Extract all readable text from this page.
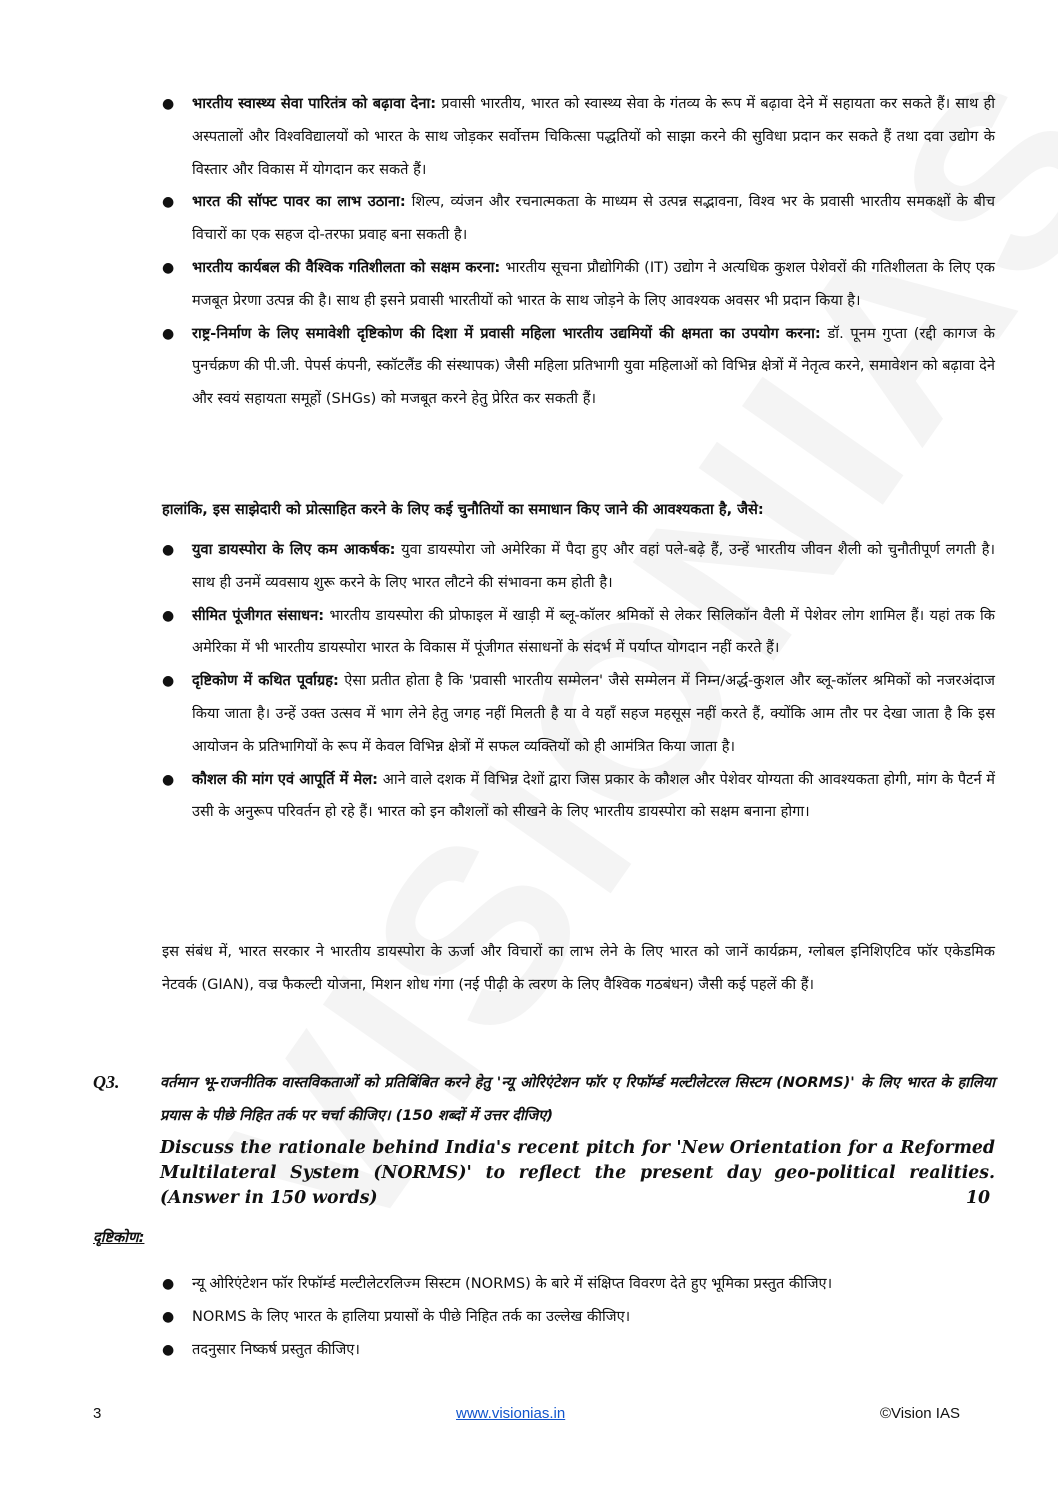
● भारतीय स्वास्थ्य सेवा पारितंत्र को बढ़ावा देना: प्रवासी भारतीय, भारत को स्वास्थ्य सेवा के गंतव्य के रूप में बढ़ावा देने में सहायता कर सकते हैं। साथ ही अस्पतालों और विश्वविद्यालयों को भारत के साथ जोड़कर सर्वोत्तम चिकित्सा पद्धतियों को साझा करने की सुविधा प्रदान कर सकते हैं तथा दवा उद्योग के विस्तार और विकास में योगदान कर सकते हैं।
● भारत की सॉफ्ट पावर का लाभ उठाना: शिल्प, व्यंजन और रचनात्मकता के माध्यम से उत्पन्न सद्भावना, विश्व भर के प्रवासी भारतीय समकक्षों के बीच विचारों का एक सहज दो-तरफा प्रवाह बना सकती है।
● भारतीय कार्यबल की वैश्विक गतिशीलता को सक्षम करना: भारतीय सूचना प्रौद्योगिकी (IT) उद्योग ने अत्यधिक कुशल पेशेवरों की गतिशीलता के लिए एक मजबूत प्रेरणा उत्पन्न की है। साथ ही इसने प्रवासी भारतीयों को भारत के साथ जोड़ने के लिए आवश्यक अवसर भी प्रदान किया है।
● राष्ट्र-निर्माण के लिए समावेशी दृष्टिकोण की दिशा में प्रवासी महिला भारतीय उद्यमियों की क्षमता का उपयोग करना: डॉ. पूनम गुप्ता (रद्दी कागज के पुनर्चक्रण की पी.जी. पेपर्स कंपनी, स्कॉटलैंड की संस्थापक) जैसी महिला प्रतिभागी युवा महिलाओं को विभिन्न क्षेत्रों में नेतृत्व करने, समावेशन को बढ़ावा देने और स्वयं सहायता समूहों (SHGs) को मजबूत करने हेतु प्रेरित कर सकती हैं।
हालांकि, इस साझेदारी को प्रोत्साहित करने के लिए कई चुनौतियों का समाधान किए जाने की आवश्यकता है, जैसे:
● युवा डायस्पोरा के लिए कम आकर्षक: युवा डायस्पोरा जो अमेरिका में पैदा हुए और वहां पले-बढ़े हैं, उन्हें भारतीय जीवन शैली को चुनौतीपूर्ण लगती है। साथ ही उनमें व्यवसाय शुरू करने के लिए भारत लौटने की संभावना कम होती है।
● सीमित पूंजीगत संसाधन: भारतीय डायस्पोरा की प्रोफाइल में खाड़ी में ब्लू-कॉलर श्रमिकों से लेकर सिलिकॉन वैली में पेशेवर लोग शामिल हैं। यहां तक कि अमेरिका में भी भारतीय डायस्पोरा भारत के विकास में पूंजीगत संसाधनों के संदर्भ में पर्याप्त योगदान नहीं करते हैं।
● दृष्टिकोण में कथित पूर्वाग्रह: ऐसा प्रतीत होता है कि 'प्रवासी भारतीय सम्मेलन' जैसे सम्मेलन में निम्न/अर्द्ध-कुशल और ब्लू-कॉलर श्रमिकों को नजरअंदाज किया जाता है। उन्हें उक्त उत्सव में भाग लेने हेतु जगह नहीं मिलती है या वे यहाँ सहज महसूस नहीं करते हैं, क्योंकि आम तौर पर देखा जाता है कि इस आयोजन के प्रतिभागियों के रूप में केवल विभिन्न क्षेत्रों में सफल व्यक्तियों को ही आमंत्रित किया जाता है।
● कौशल की मांग एवं आपूर्ति में मेल: आने वाले दशक में विभिन्न देशों द्वारा जिस प्रकार के कौशल और पेशेवर योग्यता की आवश्यकता होगी, मांग के पैटर्न में उसी के अनुरूप परिवर्तन हो रहे हैं। भारत को इन कौशलों को सीखने के लिए भारतीय डायस्पोरा को सक्षम बनाना होगा।
इस संबंध में, भारत सरकार ने भारतीय डायस्पोरा के ऊर्जा और विचारों का लाभ लेने के लिए भारत को जानें कार्यक्रम, ग्लोबल इनिशिएटिव फॉर एकेडमिक नेटवर्क (GIAN), वज्र फैकल्टी योजना, मिशन शोध गंगा (नई पीढ़ी के त्वरण के लिए वैश्विक गठबंधन) जैसी कई पहलें की हैं।
Q3.	वर्तमान भू-राजनीतिक वास्तविकताओं को प्रतिबिंबित करने हेतु 'न्यू ओरिएंटेशन फॉर ए रिफॉर्म्ड मल्टीलेटरल सिस्टम (NORMS)' के लिए भारत के हालिया प्रयास के पीछे निहित तर्क पर चर्चा कीजिए। (150 शब्दों में उत्तर दीजिए)
Discuss the rationale behind India's recent pitch for 'New Orientation for a Reformed Multilateral System (NORMS)' to reflect the present day geo-political realities. (Answer in 150 words)	10
दृष्टिकोण:
● न्यू ओरिएंटेशन फॉर रिफॉर्म्ड मल्टीलेटरलिज्म सिस्टम (NORMS) के बारे में संक्षिप्त विवरण देते हुए भूमिका प्रस्तुत कीजिए।
● NORMS के लिए भारत के हालिया प्रयासों के पीछे निहित तर्क का उल्लेख कीजिए।
● तदनुसार निष्कर्ष प्रस्तुत कीजिए।
3	www.visionias.in	©Vision IAS
